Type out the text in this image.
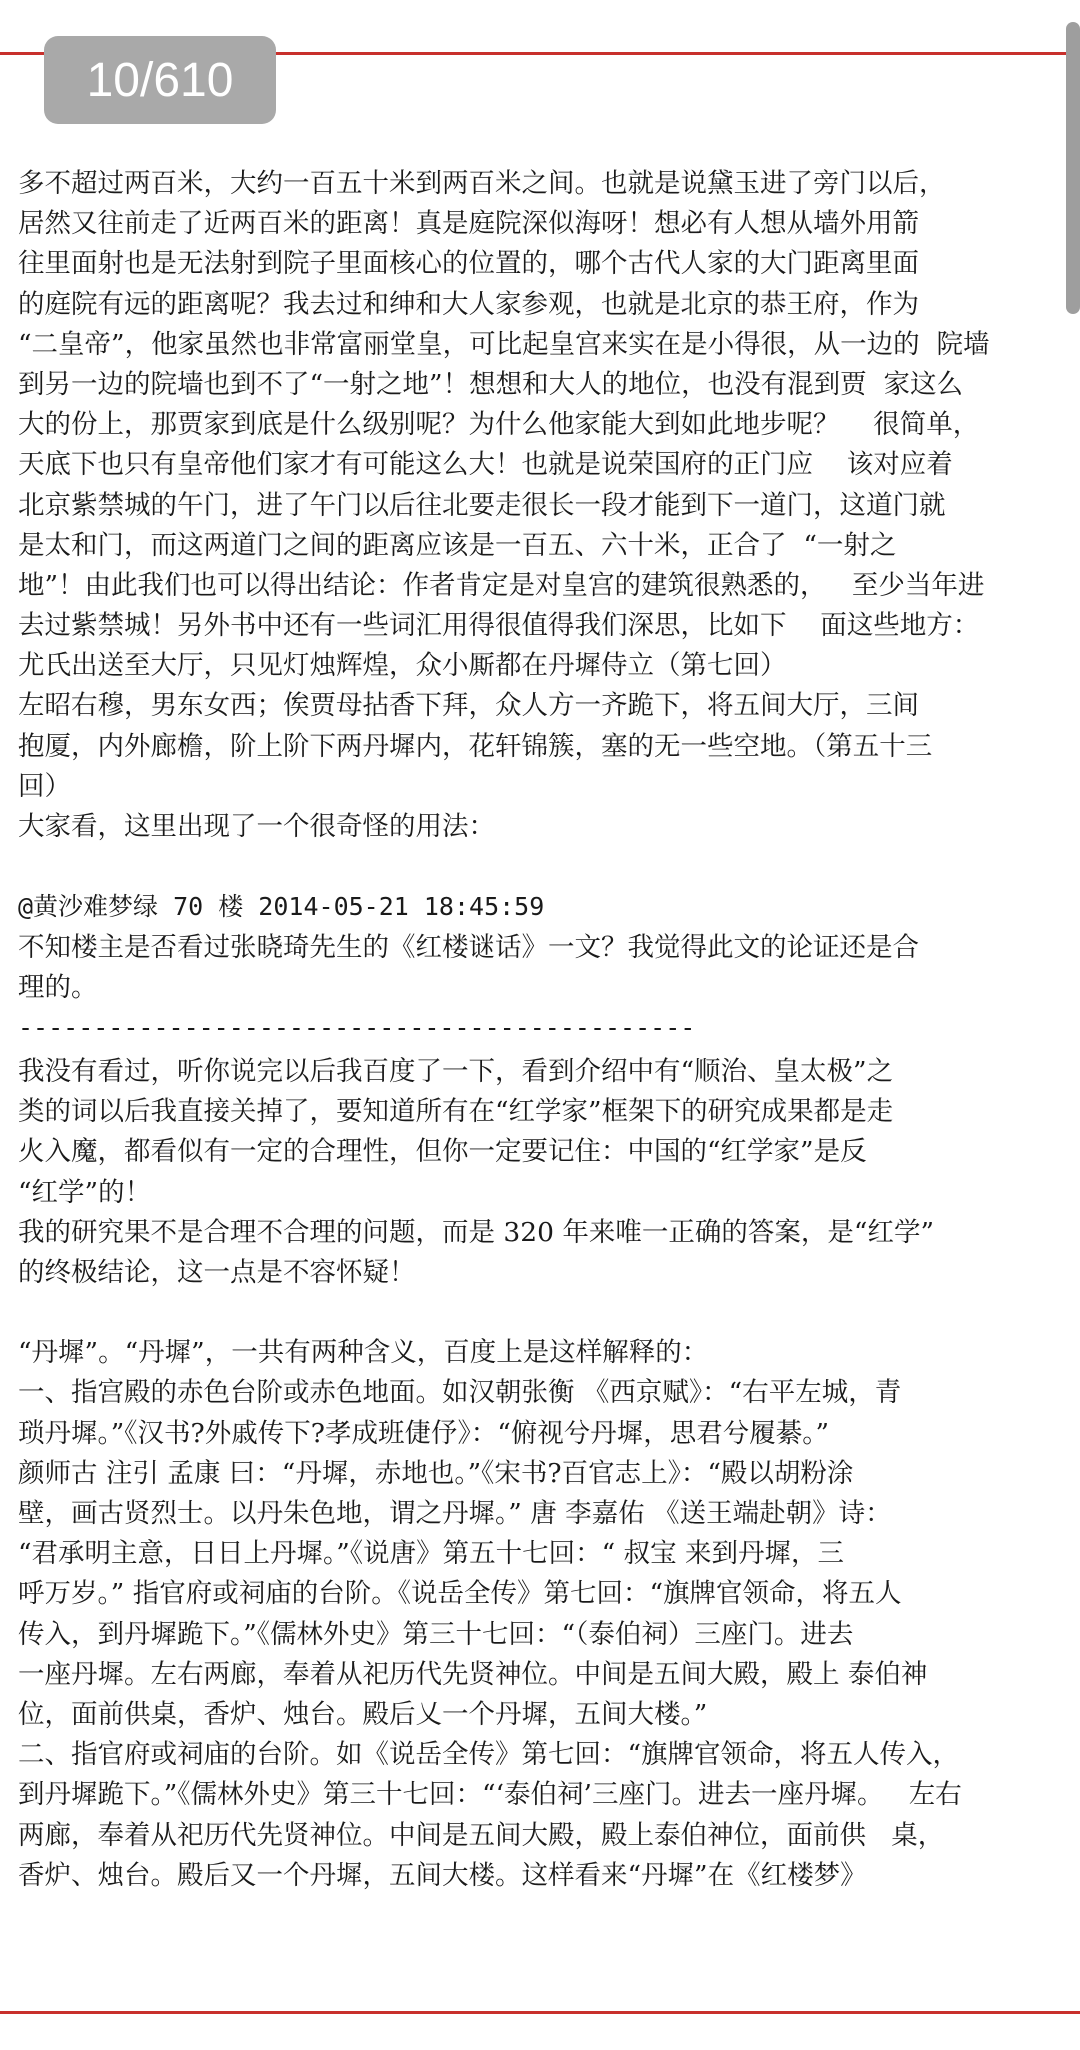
10/610
多不超过两百米，大约一百五十米到两百米之间。也就是说黛玉进了旁门以后，
居然又往前走了近两百米的距离！真是庭院深似海呀！想必有人想从墙外用箭
往里面射也是无法射到院子里面核心的位置的，哪个古代人家的大门距离里面
的庭院有远的距离呢？我去过和绅和大人家参观，也就是北京的恭王府，作为
“二皇帝”，他家虽然也非常富丽堂皇，可比起皇宫来实在是小得很，从一边的  院墙
到另一边的院墙也到不了“一射之地”！想想和大人的地位，也没有混到贾  家这么
大的份上，那贾家到底是什么级别呢？为什么他家能大到如此地步呢？    很简单，
天底下也只有皇帝他们家才有可能这么大！也就是说荣国府的正门应    该对应着
北京紫禁城的午门，进了午门以后往北要走很长一段才能到下一道门，这道门就
是太和门，而这两道门之间的距离应该是一百五、六十米，正合了  “一射之
地”！由此我们也可以得出结论：作者肯定是对皇宫的建筑很熟悉的，   至少当年进
去过紫禁城！另外书中还有一些词汇用得很值得我们深思，比如下    面这些地方：
尤氏出送至大厅，只见灯烛辉煌，众小厮都在丹墀侍立（第七回）
左昭右穆，男东女西；俟贾母拈香下拜，众人方一齐跪下，将五间大厅，三间
抱厦，内外廊檐，阶上阶下两丹墀内，花轩锦簇，塞的无一些空地。（第五十三
回）
大家看，这里出现了一个很奇怪的用法：
@黄沙难梦绿 70 楼 2014-05-21 18:45:59
不知楼主是否看过张晓琦先生的《红楼谜话》一文？我觉得此文的论证还是合
理的。
---------------------------------------------
我没有看过，听你说完以后我百度了一下，看到介绍中有“顺治、皇太极”之
类的词以后我直接关掉了，要知道所有在“红学家”框架下的研究成果都是走
火入魔，都看似有一定的合理性，但你一定要记住：中国的“红学家”是反
“红学”的！
我的研究果不是合理不合理的问题，而是 320 年来唯一正确的答案，是“红学”
的终极结论，这一点是不容怀疑！
“丹墀”。“丹墀”，一共有两种含义，百度上是这样解释的：
一、指宫殿的赤色台阶或赤色地面。如汉朝张衡 《西京赋》：“右平左城，青
琐丹墀。”《汉书?外戚传下?孝成班倢伃》：“俯视兮丹墀，思君兮履綦。”
颜师古 注引 孟康 曰：“丹墀，赤地也。”《宋书?百官志上》：“殿以胡粉涂
壁，画古贤烈士。以丹朱色地，谓之丹墀。” 唐 李嘉佑 《送王端赴朝》诗：
“君承明主意，日日上丹墀。”《说唐》第五十七回：“ 叔宝 来到丹墀，三
呼万岁。” 指官府或祠庙的台阶。《说岳全传》第七回：“旗牌官领命，将五人
传入，到丹墀跪下。”《儒林外史》第三十七回：“（泰伯祠）三座门。进去
一座丹墀。左右两廊，奉着从祀历代先贤神位。中间是五间大殿，殿上 泰伯神
位，面前供桌，香炉、烛台。殿后乂一个丹墀，五间大楼。”
二、指官府或祠庙的台阶。如《说岳全传》第七回：“旗牌官领命，将五人传入，
到丹墀跪下。”《儒林外史》第三十七回：“‘泰伯祠’三座门。进去一座丹墀。   左右
两廊，奉着从祀历代先贤神位。中间是五间大殿，殿上泰伯神位，面前供   桌，
香炉、烛台。殿后又一个丹墀，五间大楼。这样看来“丹墀”在《红楼梦》
